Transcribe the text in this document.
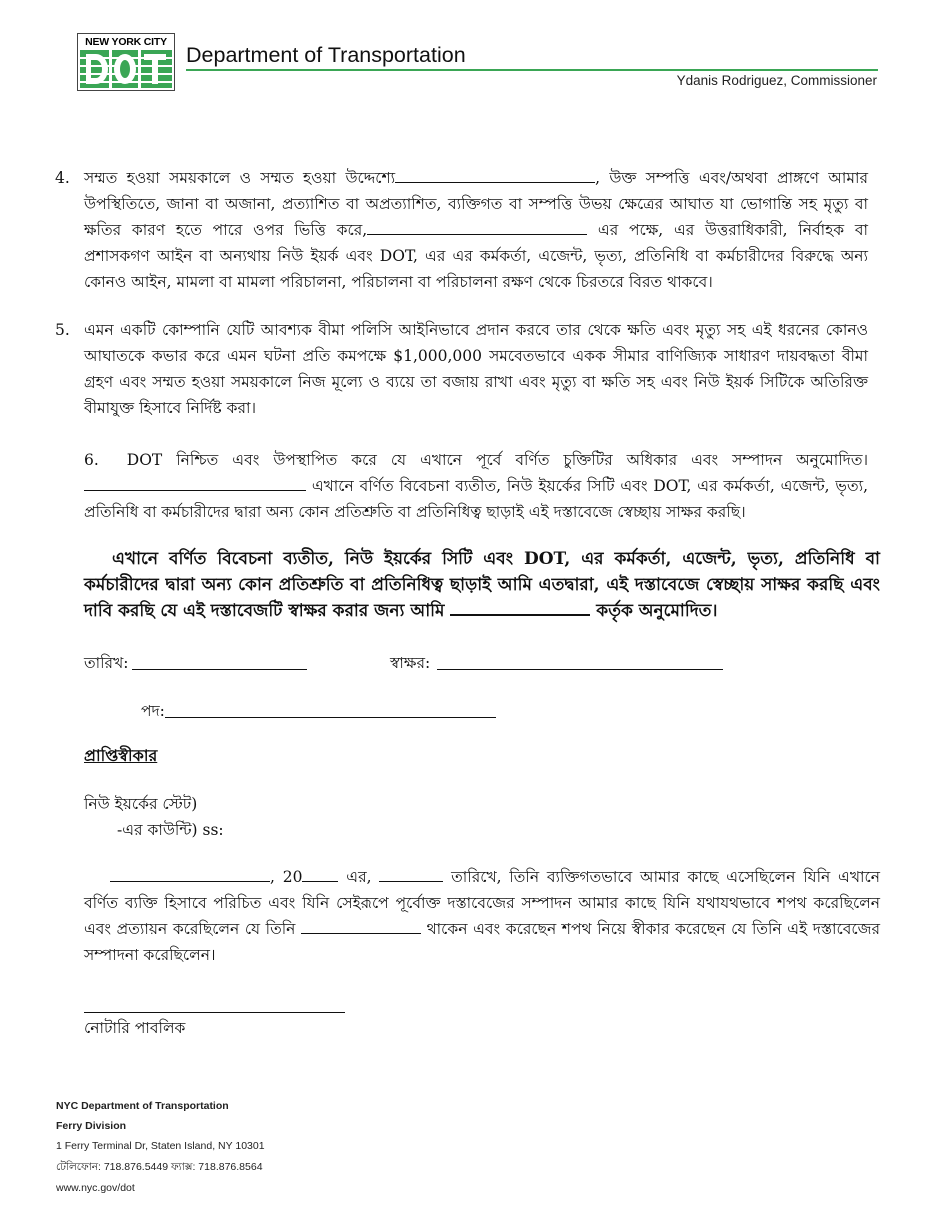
NEW YORK CITY
Department of Transportation
Ydanis Rodriguez, Commissioner
4. সম্মত হওয়া সময়কালে ও সম্মত হওয়া উদ্দেশ্যে	, উক্ত সম্পত্তি এবং/অথবা প্রাঙ্গণে আমার উপস্থিতিতে, জানা বা অজানা, প্রত্যাশিত বা অপ্রত্যাশিত, ব্যক্তিগত বা সম্পত্তি উভয় ক্ষেত্রের আঘাত যা ভোগান্তি সহ মৃত্যু বা ক্ষতির কারণ হতে পারে ওপর ভিত্তি করে,	এর পক্ষে, এর উত্তরাধিকারী, নির্বাহক বা প্রশাসকগণ আইন বা অন্যথায় নিউ ইয়র্ক এবং DOT, এর এর কর্মকর্তা, এজেন্ট, ভৃত্য, প্রতিনিধি বা কর্মচারীদের বিরুদ্ধে অন্য কোনও আইন, মামলা বা মামলা পরিচালনা, পরিচালনা বা পরিচালনা রক্ষণ থেকে চিরতরে বিরত থাকবে।
5. এমন একটি কোম্পানি যেটি আবশ্যক বীমা পলিসি আইনিভাবে প্রদান করবে তার থেকে ক্ষতি এবং মৃত্যু সহ এই ধরনের কোনও আঘাতকে কভার করে এমন ঘটনা প্রতি কমপক্ষে $1,000,000 সমবেতভাবে একক সীমার বাণিজ্যিক সাধারণ দায়বদ্ধতা বীমা গ্রহণ এবং সম্মত হওয়া সময়কালে নিজ মূল্যে ও ব্যয়ে তা বজায় রাখা এবং মৃত্যু বা ক্ষতি সহ এবং নিউ ইয়র্ক সিটিকে অতিরিক্ত বীমাযুক্ত হিসাবে নির্দিষ্ট করা।
6. DOT নিশ্চিত এবং উপস্থাপিত করে যে এখানে পূর্বে বর্ণিত চুক্তিটির অধিকার এবং সম্পাদন অনুমোদিত।  এখানে বর্ণিত বিবেচনা ব্যতীত, নিউ ইয়র্কের সিটি এবং DOT, এর কর্মকর্তা, এজেন্ট, ভৃত্য, প্রতিনিধি বা কর্মচারীদের দ্বারা অন্য কোন প্রতিশ্রুতি বা প্রতিনিধিত্ব ছাড়াই এই দস্তাবেজে স্বেচ্ছায় সাক্ষর করছি।
এখানে বর্ণিত বিবেচনা ব্যতীত, নিউ ইয়র্কের সিটি এবং DOT, এর কর্মকর্তা, এজেন্ট, ভৃত্য, প্রতিনিধি বা কর্মচারীদের দ্বারা অন্য কোন প্রতিশ্রুতি বা প্রতিনিধিত্ব ছাড়াই আমি এতদ্বারা, এই দস্তাবেজে স্বেচ্ছায় সাক্ষর করছি এবং দাবি করছি যে এই দস্তাবেজটি স্বাক্ষর করার জন্য আমি	কর্তৃক অনুমোদিত।
তারিখ:	স্বাক্ষর:
পদ:
প্রাপ্তিস্বীকার
নিউ ইয়র্কের স্টেট)
-এর কাউন্টি) ss:
, 20 এর,	তারিখে, তিনি ব্যক্তিগতভাবে আমার কাছে এসেছিলেন যিনি এখানে বর্ণিত ব্যক্তি হিসাবে পরিচিত এবং যিনি সেইরূপে পূর্বোক্ত দস্তাবেজের সম্পাদন আমার কাছে যিনি যথাযথভাবে শপথ করেছিলেন এবং প্রত্যায়ন করেছিলেন যে তিনি	থাকেন এবং করেছেন শপথ নিয়ে স্বীকার করেছেন যে তিনি এই দস্তাবেজের সম্পাদনা করেছিলেন।
নোটারি পাবলিক
NYC Department of Transportation
Ferry Division
1 Ferry Terminal Dr, Staten Island, NY 10301
টেলিফোন: 718.876.5449 ফ্যাক্স: 718.876.8564
www.nyc.gov/dot
